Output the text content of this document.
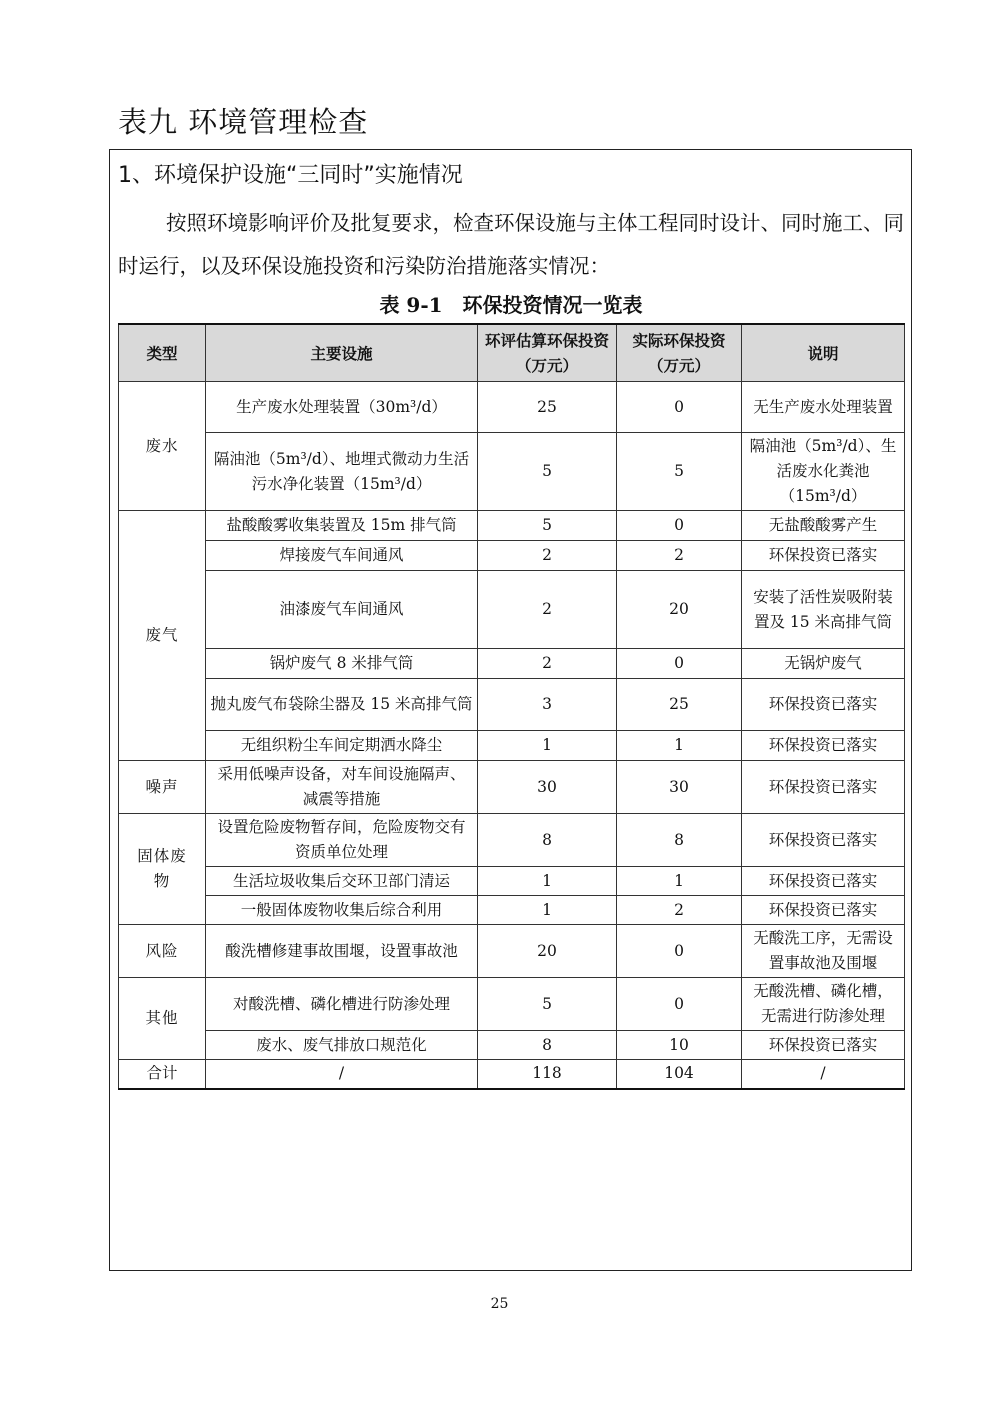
表九 环境管理检查
1、环境保护设施“三同时”实施情况
按照环境影响评价及批复要求，检查环保设施与主体工程同时设计、同时施工、同时运行，以及环保设施投资和污染防治措施落实情况：
表 9-1　环保投资情况一览表
类型	主要设施	环评估算环保投资（万元）	实际环保投资（万元）	说明
废水	生产废水处理装置（30m³/d）	25	0	无生产废水处理装置
	隔油池（5m³/d）、地埋式微动力生活污水净化装置（15m³/d）	5	5	隔油池（5m³/d）、生活废水化粪池（15m³/d）
废气	盐酸酸雾收集装置及 15m 排气筒	5	0	无盐酸酸雾产生
	焊接废气车间通风	2	2	环保投资已落实
	油漆废气车间通风	2	20	安装了活性炭吸附装置及 15 米高排气筒
	锅炉废气 8 米排气筒	2	0	无锅炉废气
	抛丸废气布袋除尘器及 15 米高排气筒	3	25	环保投资已落实
	无组织粉尘车间定期洒水降尘	1	1	环保投资已落实
噪声	采用低噪声设备，对车间设施隔声、减震等措施	30	30	环保投资已落实
固体废物	设置危险废物暂存间，危险废物交有资质单位处理	8	8	环保投资已落实
	生活垃圾收集后交环卫部门清运	1	1	环保投资已落实
	一般固体废物收集后综合利用	1	2	环保投资已落实
风险	酸洗槽修建事故围堰，设置事故池	20	0	无酸洗工序，无需设置事故池及围堰
其他	对酸洗槽、磷化槽进行防渗处理	5	0	无酸洗槽、磷化槽，无需进行防渗处理
	废水、废气排放口规范化	8	10	环保投资已落实
合计	/	118	104	/
25
